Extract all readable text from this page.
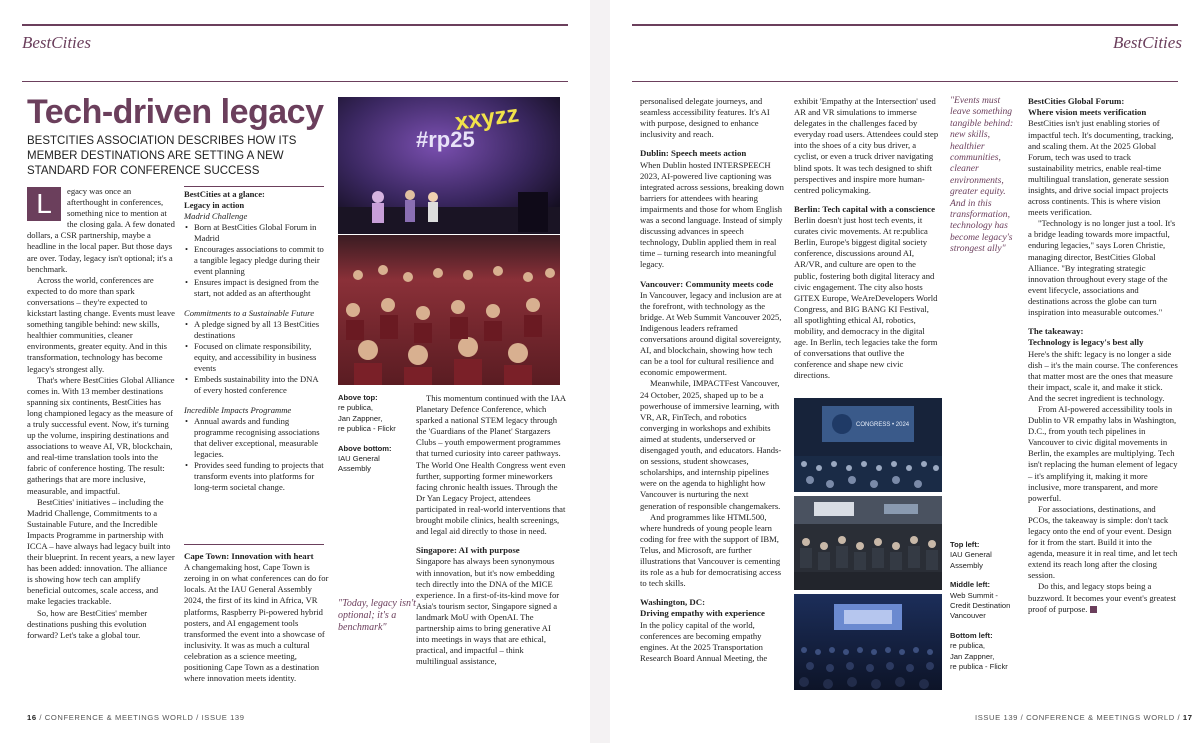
BestCities
Tech-driven legacy
BESTCITIES ASSOCIATION DESCRIBES HOW ITS MEMBER DESTINATIONS ARE SETTING A NEW STANDARD FOR CONFERENCE SUCCESS

L	egacy was once an afterthought in conferences, something nice to mention at the closing gala. A few donated dollars, a CSR partnership, maybe a headline in the local paper. But those days are over. Today, legacy isn't optional; it's a benchmark.

Across the world, conferences are expected to do more than spark conversations – they're expected to kickstart lasting change. Events must leave something tangible behind: new skills, healthier communities, cleaner environments, greater equity. And in this transformation, technology has become legacy's strongest ally.

That's where BestCities Global Alliance comes in. With 13 member destinations spanning six continents, BestCities has long championed legacy as the measure of a truly successful event. Now, it's turning up the volume, inspiring destinations and associations to weave AI, VR, blockchain, and real-time translation tools into the fabric of conference hosting. The result: gatherings that are more inclusive, measurable, and impactful.

BestCities' initiatives – including the Madrid Challenge, Commitments to a Sustainable Future, and the Incredible Impacts Programme in partnership with ICCA – have always had legacy built into their blueprint. In recent years, a new layer has been added: innovation. The alliance is showing how tech can amplify beneficial outcomes, scale access, and make legacies trackable.

So, how are BestCities' member destinations pushing this evolution forward? Let's take a global tour.

BestCities at a glance:
Legacy in action
Madrid Challenge
• Born at BestCities Global Forum in Madrid
• Encourages associations to commit to a tangible legacy pledge during their event planning
• Ensures impact is designed from the start, not added as an afterthought
Commitments to a Sustainable Future
• A pledge signed by all 13 BestCities destinations
• Focused on climate responsibility, equity, and accessibility in business events
• Embeds sustainability into the DNA of every hosted conference
Incredible Impacts Programme
• Annual awards and funding programme recognising associations that deliver exceptional, measurable legacies.
• Provides seed funding to projects that transform events into platforms for long-term societal change.
Cape Town: Innovation with heart

A changemaking host, Cape Town is zeroing in on what conferences can do for locals. At the IAU General Assembly 2024, the first of its kind in Africa, VR platforms, Raspberry Pi-powered hybrid posters, and AI engagement tools transformed the event into a showcase of inclusivity. It was as much a cultural celebration as a science meeting, positioning Cape Town as a destination where innovation meets identity.

#rp25
xxyzz
Above top:
re publica,
Jan Zappner,
re publica - Flickr
Above bottom:
IAU General
Assembly
"Today, legacy isn't optional; it's a benchmark"

This momentum continued with the IAA Planetary Defence Conference, which sparked a national STEM legacy through the 'Guardians of the Planet' Stargazers Clubs – youth empowerment programmes that turned curiosity into career pathways. The World One Health Congress went even further, supporting former mineworkers facing chronic health issues. Through the Dr Yan Legacy Project, attendees participated in real-world interventions that brought mobile clinics, health screenings, and legal aid directly to those in need.

Singapore: AI with purpose

Singapore has always been synonymous with innovation, but it's now embedding tech directly into the DNA of the MICE experience. In a first-of-its-kind move for Asia's tourism sector, Singapore signed a landmark MoU with OpenAI. The partnership aims to bring generative AI into meetings in ways that are ethical, practical, and impactful – think multilingual assistance,

16 / CONFERENCE & MEETINGS WORLD / ISSUE 139
BestCities

personalised delegate journeys, and seamless accessibility features. It's AI with purpose, designed to enhance inclusivity and reach.

Dublin: Speech meets action

When Dublin hosted INTERSPEECH 2023, AI-powered live captioning was integrated across sessions, breaking down barriers for attendees with hearing impairments and those for whom English was a second language. Instead of simply discussing advances in speech technology, Dublin applied them in real time – turning research into meaningful legacy.

Vancouver: Community meets code

In Vancouver, legacy and inclusion are at the forefront, with technology as the bridge. At Web Summit Vancouver 2025, Indigenous leaders reframed conversations around digital sovereignty, AI, and blockchain, showing how tech can be a tool for cultural resilience and economic empowerment.

Meanwhile, IMPACTFest Vancouver, 24 October, 2025, shaped up to be a powerhouse of immersive learning, with VR, AR, FinTech, and robotics converging in workshops and exhibits aimed at students, underserved or disengaged youth, and educators. Hands-on sessions, student showcases, scholarships, and internship pipelines were on the agenda to highlight how Vancouver is nurturing the next generation of responsible changemakers.

And programmes like HTML500, where hundreds of young people learn coding for free with the support of IBM, Telus, and Microsoft, are further illustrations that Vancouver is cementing its role as a hub for democratising access to tech skills.

Washington, DC:
Driving empathy with experience

In the policy capital of the world, conferences are becoming empathy engines. At the 2025 Transportation Research Board Annual Meeting, the

exhibit 'Empathy at the Intersection' used AR and VR simulations to immerse delegates in the challenges faced by everyday road users. Attendees could step into the shoes of a city bus driver, a cyclist, or even a truck driver navigating blind spots. It was tech designed to shift perspectives and inspire more human-centred policymaking.

Berlin: Tech capital with a conscience

Berlin doesn't just host tech events, it curates civic movements. At re:publica Berlin, Europe's biggest digital society conference, discussions around AI, AR/VR, and culture are open to the public, fostering both digital literacy and civic engagement. The city also hosts GITEX Europe, WeAreDevelopers World Congress, and BIG BANG KI Festival, all spotlighting ethical AI, robotics, mobility, and democracy in the digital age. In Berlin, tech legacies take the form of conversations that outlive the conference and shape new civic directions.

"Events must leave something tangible behind: new skills, healthier communities, cleaner environments, greater equity. And in this transformation, technology has become legacy's strongest ally"
CONGRESS • 2024
Top left:
IAU General
Assembly
Middle left:
Web Summit -
Credit Destination
Vancouver
Bottom left:
re publica,
Jan Zappner,
re publica - Flickr
BestCities Global Forum:
Where vision meets verification

BestCities isn't just enabling stories of impactful tech. It's documenting, tracking, and scaling them. At the 2025 Global Forum, tech was used to track sustainability metrics, enable real-time multilingual translation, generate session insights, and drive social impact projects across continents. This is where vision meets verification.

"Technology is no longer just a tool. It's a bridge leading towards more impactful, enduring legacies," says Loren Christie, managing director, BestCities Global Alliance. "By integrating strategic innovation throughout every stage of the event lifecycle, associations and destinations across the globe can turn inspiration into measurable outcomes."

The takeaway:
Technology is legacy's best ally

Here's the shift: legacy is no longer a side dish – it's the main course. The conferences that matter most are the ones that measure their impact, scale it, and make it stick. And the secret ingredient is technology.

From AI-powered accessibility tools in Dublin to VR empathy labs in Washington, D.C., from youth tech pipelines in Vancouver to civic digital movements in Berlin, the examples are multiplying. Tech isn't replacing the human element of legacy – it's amplifying it, making it more inclusive, more transparent, and more powerful.

For associations, destinations, and PCOs, the takeaway is simple: don't tack legacy onto the end of your event. Design for it from the start. Build it into the agenda, measure it in real time, and let tech extend its reach long after the closing session.

Do this, and legacy stops being a buzzword. It becomes your event's greatest proof of purpose.

ISSUE 139 / CONFERENCE & MEETINGS WORLD / 17
